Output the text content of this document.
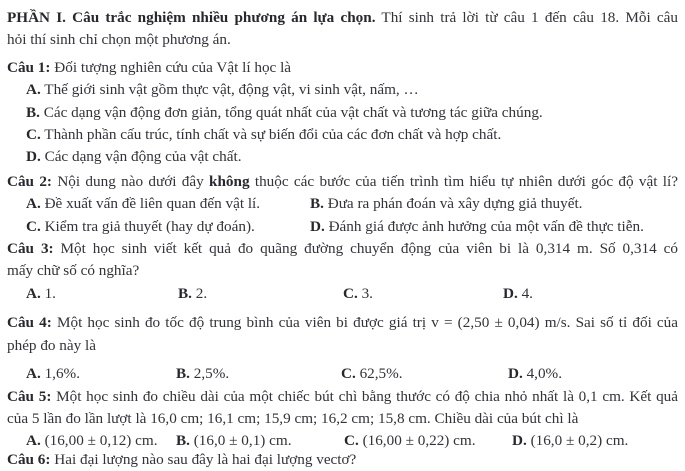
PHẦN I. Câu trắc nghiệm nhiều phương án lựa chọn. Thí sinh trả lời từ câu 1 đến câu 18. Mỗi câu
hỏi thí sinh chỉ chọn một phương án.
Câu 1: Đối tượng nghiên cứu của Vật lí học là
A. Thế giới sinh vật gồm thực vật, động vật, vi sinh vật, nấm, …
B. Các dạng vận động đơn giản, tổng quát nhất của vật chất và tương tác giữa chúng.
C. Thành phần cấu trúc, tính chất và sự biến đổi của các đơn chất và hợp chất.
D. Các dạng vận động của vật chất.
Câu 2: Nội dung nào dưới đây không thuộc các bước của tiến trình tìm hiểu tự nhiên dưới góc độ vật lí?
A. Đề xuất vấn đề liên quan đến vật lí.	B. Đưa ra phán đoán và xây dựng giả thuyết.
C. Kiểm tra giả thuyết (hay dự đoán).	D. Đánh giá được ảnh hưởng của một vấn đề thực tiễn.
Câu 3: Một học sinh viết kết quả đo quãng đường chuyển động của viên bi là 0,314 m. Số 0,314 có
mấy chữ số có nghĩa?
A. 1.	B. 2.	C. 3.	D. 4.
Câu 4: Một học sinh đo tốc độ trung bình của viên bi được giá trị v = (2,50 ± 0,04) m/s. Sai số tỉ đối của
phép đo này là
A. 1,6%.	B. 2,5%.	C. 62,5%.	D. 4,0%.
Câu 5: Một học sinh đo chiều dài của một chiếc bút chì bằng thước có độ chia nhỏ nhất là 0,1 cm. Kết quả
của 5 lần đo lần lượt là 16,0 cm; 16,1 cm; 15,9 cm; 16,2 cm; 15,8 cm. Chiều dài của bút chì là
A. (16,00 ± 0,12) cm.	B. (16,0 ± 0,1) cm.	C. (16,00 ± 0,22) cm.	D. (16,0 ± 0,2) cm.
Câu 6: Hai đại lượng nào sau đây là hai đại lượng vectơ?
